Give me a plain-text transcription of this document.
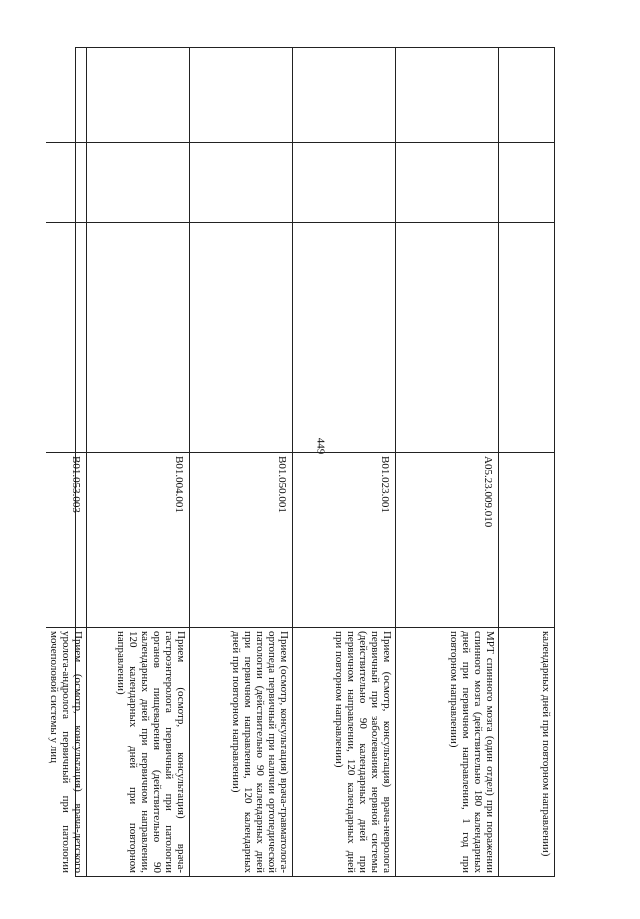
449
календарных дней при повторном направлении)
A05.23.009.010
МРТ спинного мозга (один отдел) при поражении спинного мозга (действительно 180 календарных дней при первичном направлении, 1 год при повторном направлении)
B01.023.001
Прием (осмотр, консультация) врача-невролога первичный при заболеваниях нервной системы (действительно 90 календарных дней при первичном направлении, 120 календарных дней при повторном направлении)
B01.050.001
Прием (осмотр, консультация) врача-травматолога-ортопеда первичный при наличии ортопедической патологии (действительно 90 календарных дней при первичном направлении, 120 календарных дней при повторном направлении)
B01.004.001
Прием (осмотр, консультация) врача-гастроэнтеролога первичный при патологии органов пищеварения (действительно 90 календарных дней при первичном направлении, 120 календарных дней при повторном направлении)
B01.053.003
Прием (осмотр, консультация) врача-детского уролога-андролога первичный при патологии мочеполовой системы у лиц
